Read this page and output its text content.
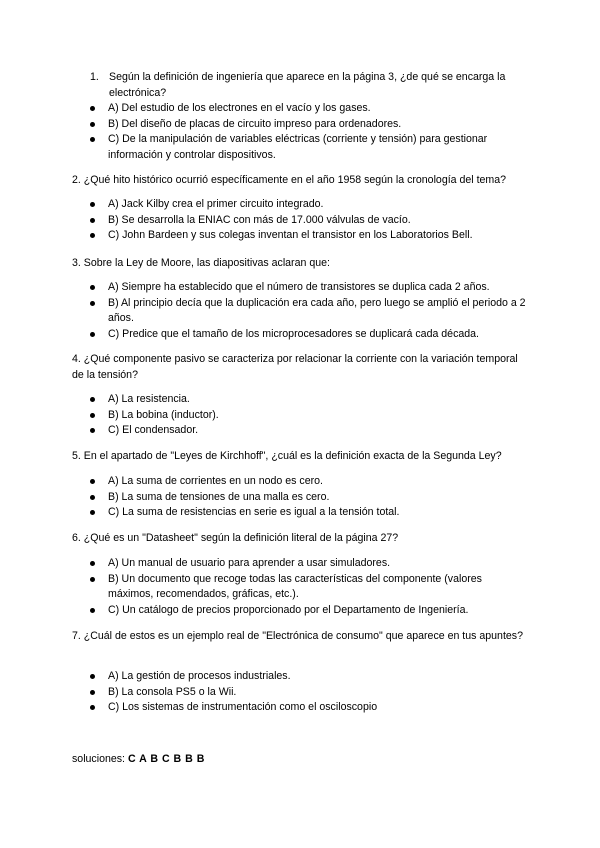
1. Según la definición de ingeniería que aparece en la página 3, ¿de qué se encarga la electrónica?
A) Del estudio de los electrones en el vacío y los gases.
B) Del diseño de placas de circuito impreso para ordenadores.
C) De la manipulación de variables eléctricas (corriente y tensión) para gestionar información y controlar dispositivos.
2. ¿Qué hito histórico ocurrió específicamente en el año 1958 según la cronología del tema?
A) Jack Kilby crea el primer circuito integrado.
B) Se desarrolla la ENIAC con más de 17.000 válvulas de vacío.
C) John Bardeen y sus colegas inventan el transistor en los Laboratorios Bell.
3. Sobre la Ley de Moore, las diapositivas aclaran que:
A) Siempre ha establecido que el número de transistores se duplica cada 2 años.
B) Al principio decía que la duplicación era cada año, pero luego se amplió el periodo a 2 años.
C) Predice que el tamaño de los microprocesadores se duplicará cada década.
4. ¿Qué componente pasivo se caracteriza por relacionar la corriente con la variación temporal de la tensión?
A) La resistencia.
B) La bobina (inductor).
C) El condensador.
5. En el apartado de "Leyes de Kirchhoff", ¿cuál es la definición exacta de la Segunda Ley?
A) La suma de corrientes en un nodo es cero.
B) La suma de tensiones de una malla es cero.
C) La suma de resistencias en serie es igual a la tensión total.
6. ¿Qué es un "Datasheet" según la definición literal de la página 27?
A) Un manual de usuario para aprender a usar simuladores.
B) Un documento que recoge todas las características del componente (valores máximos, recomendados, gráficas, etc.).
C) Un catálogo de precios proporcionado por el Departamento de Ingeniería.
7. ¿Cuál de estos es un ejemplo real de "Electrónica de consumo" que aparece en tus apuntes?
A) La gestión de procesos industriales.
B) La consola PS5 o la Wii.
C) Los sistemas de instrumentación como el osciloscopio
soluciones: C A B C B B B
